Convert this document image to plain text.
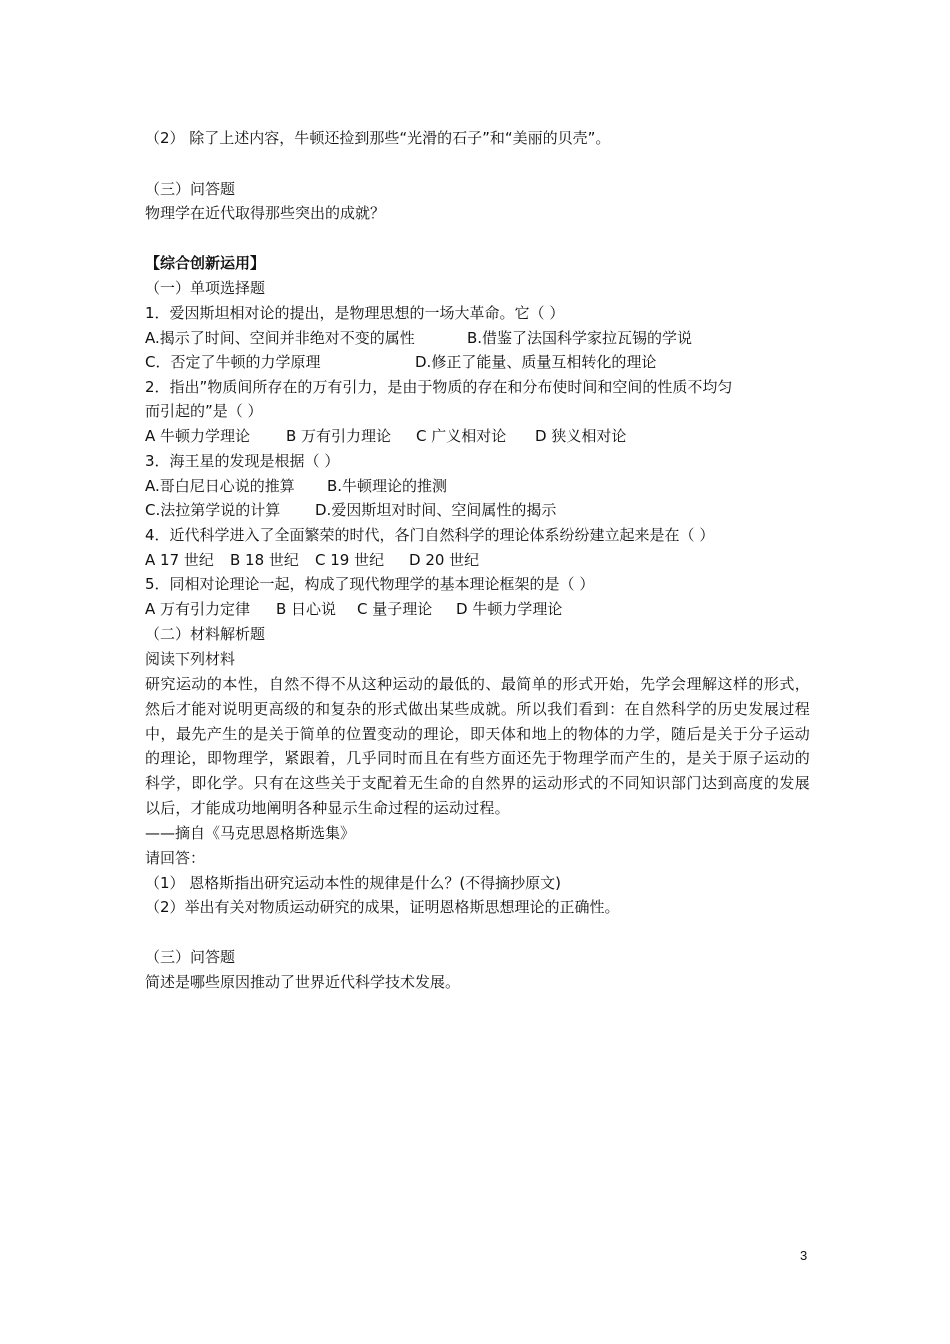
（2） 除了上述内容，牛顿还捡到那些“光滑的石子”和“美丽的贝壳”。

（三）问答题

物理学在近代取得那些突出的成就？

【综合创新运用】

（一）单项选择题

1．爱因斯坦相对论的提出，是物理思想的一场大革命。它（ ）

A.揭示了时间、空间并非绝对不变的属性	B.借鉴了法国科学家拉瓦锡的学说

C．否定了牛顿的力学原理	D.修正了能量、质量互相转化的理论

2．指出”物质间所存在的万有引力，是由于物质的存在和分布使时间和空间的性质不均匀

而引起的”是（ ）

A 牛顿力学理论 B 万有引力理论 C 广义相对论 D 狭义相对论

3．海王星的发现是根据（ ）

A.哥白尼日心说的推算 B.牛顿理论的推测

C.法拉第学说的计算 D.爱因斯坦对时间、空间属性的揭示

4．近代科学进入了全面繁荣的时代，各门自然科学的理论体系纷纷建立起来是在（ ）

A 17 世纪 B 18 世纪 C 19 世纪 D 20 世纪

5．同相对论理论一起，构成了现代物理学的基本理论框架的是（ ）

A 万有引力定律 B 日心说 C 量子理论 D 牛顿力学理论

（二）材料解析题

阅读下列材料

研究运动的本性，自然不得不从这种运动的最低的、最简单的形式开始，先学会理解这样的形式，然后才能对说明更高级的和复杂的形式做出某些成就。所以我们看到：在自然科学的历史发展过程中，最先产生的是关于简单的位置变动的理论，即天体和地上的物体的力学，随后是关于分子运动的理论，即物理学，紧跟着，几乎同时而且在有些方面还先于物理学而产生的，是关于原子运动的科学，即化学。只有在这些关于支配着无生命的自然界的运动形式的不同知识部门达到高度的发展以后，才能成功地阐明各种显示生命过程的运动过程。

——摘自《马克思恩格斯选集》

请回答：

（1） 恩格斯指出研究运动本性的规律是什么？(不得摘抄原文)

（2）举出有关对物质运动研究的成果，证明恩格斯思想理论的正确性。

（三）问答题

简述是哪些原因推动了世界近代科学技术发展。

3
